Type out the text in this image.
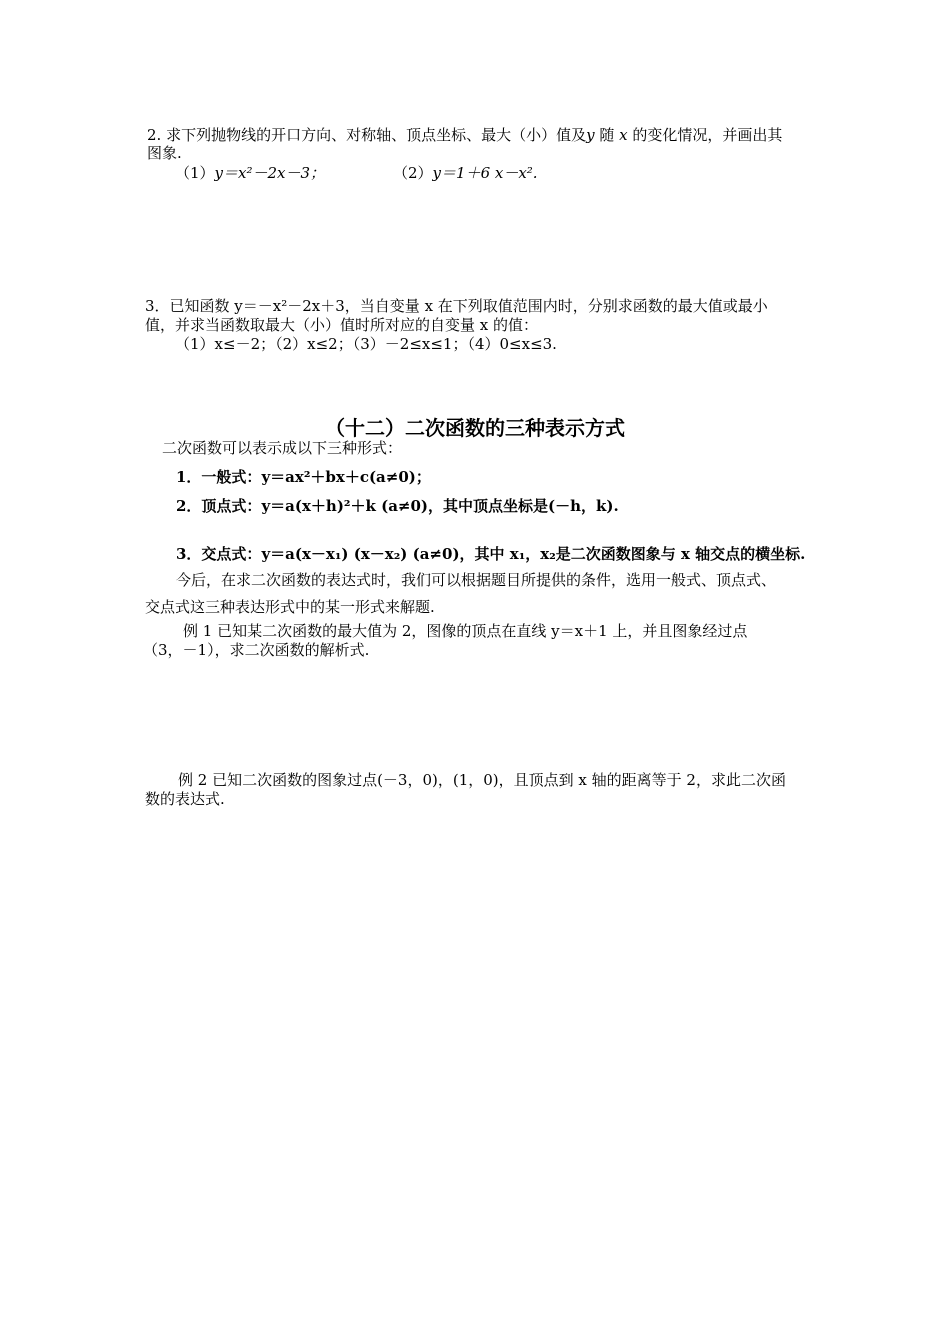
2. 求下列抛物线的开口方向、对称轴、顶点坐标、最大（小）值及y 随 x 的变化情况，并画出其
图象.
（1）y＝x²－2x－3；	（2）y＝1＋6 x－x².
3．已知函数 y＝－x²－2x＋3，当自变量 x 在下列取值范围内时，分别求函数的最大值或最小
值，并求当函数取最大（小）值时所对应的自变量 x 的值：
（1）x≤－2；（2）x≤2；（3）－2≤x≤1；（4）0≤x≤3.
（十二）二次函数的三种表示方式
二次函数可以表示成以下三种形式：
1．一般式：y＝ax²＋bx＋c(a≠0)；
2．顶点式：y＝a(x＋h)²＋k (a≠0)，其中顶点坐标是(－h，k).
3．交点式：y＝a(x－x₁) (x－x₂) (a≠0)，其中 x₁，x₂是二次函数图象与 x 轴交点的横坐标.
今后，在求二次函数的表达式时，我们可以根据题目所提供的条件，选用一般式、顶点式、
交点式这三种表达形式中的某一形式来解题.
例 1 已知某二次函数的最大值为 2，图像的顶点在直线 y＝x＋1 上，并且图象经过点
（3，－1），求二次函数的解析式.
例 2 已知二次函数的图象过点(－3，0)，(1，0)，且顶点到 x 轴的距离等于 2，求此二次函
数的表达式.
